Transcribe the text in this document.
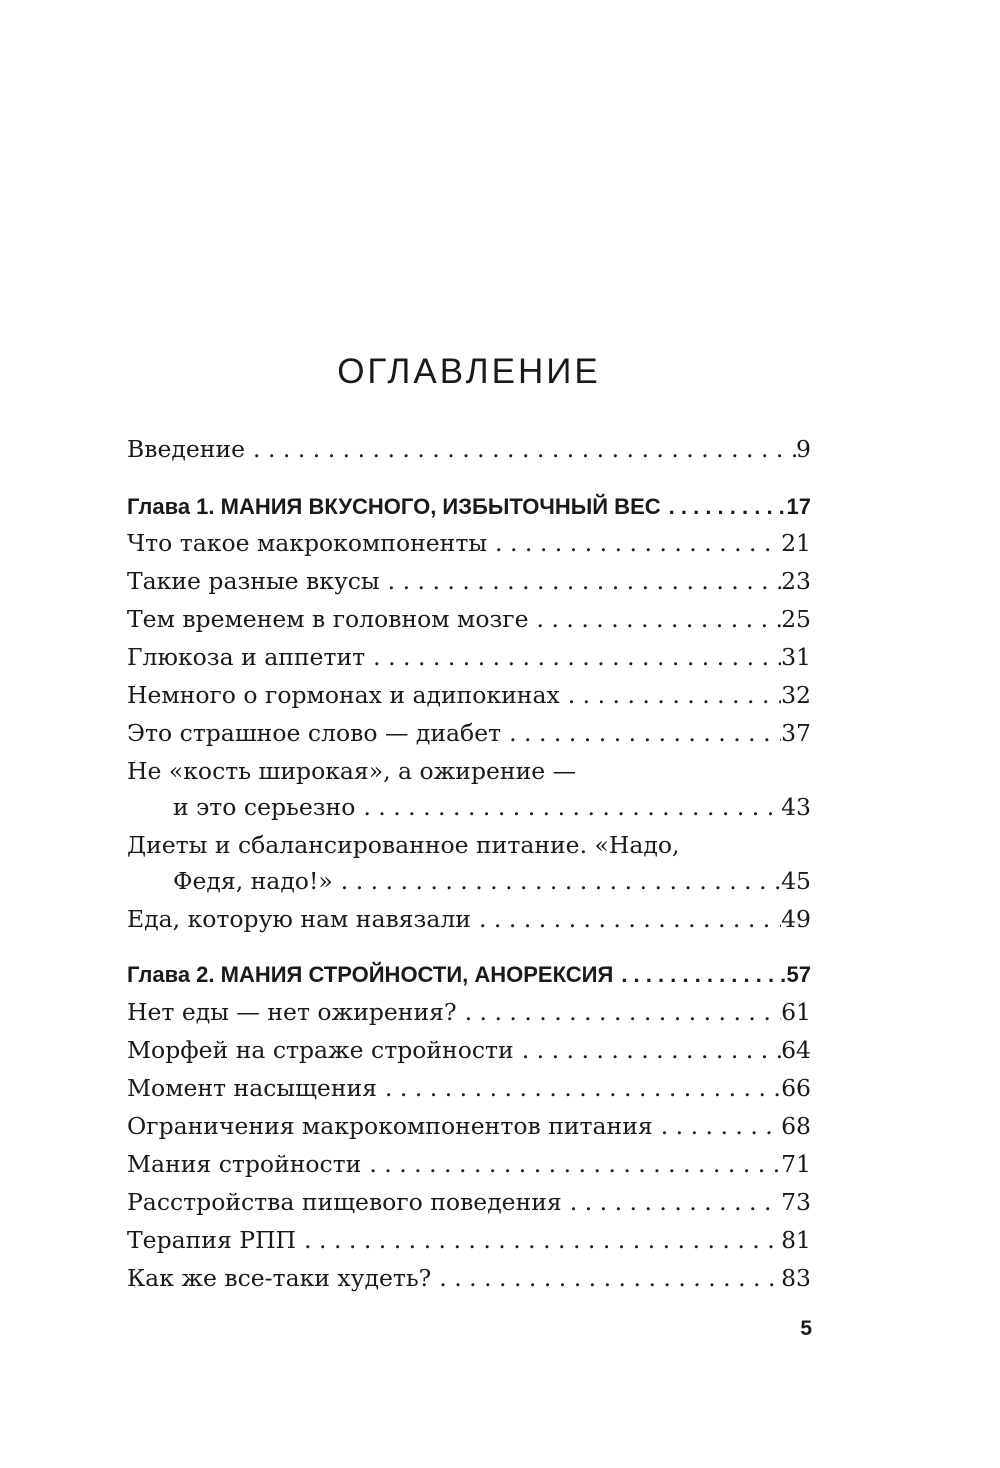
ОГЛАВЛЕНИЕ
Введение . . .	9
Глава 1. МАНИЯ ВКУСНОГО, ИЗБЫТОЧНЫЙ ВЕС . . .	17
Что такое макрокомпоненты . . .	21
Такие разные вкусы . . .	23
Тем временем в головном мозге . . .	25
Глюкоза и аппетит . . .	31
Немного о гормонах и адипокинах . . .	32
Это страшное слово — диабет . . .	37
Не «кость широкая», а ожирение —
и это серьезно . . .	43
Диеты и сбалансированное питание. «Надо,
Федя, надо!» . . .	45
Еда, которую нам навязали . . .	49
Глава 2. МАНИЯ СТРОЙНОСТИ, АНОРЕКСИЯ . . .	57
Нет еды — нет ожирения? . . .	61
Морфей на страже стройности . . .	64
Момент насыщения . . .	66
Ограничения макрокомпонентов питания . . .	68
Мания стройности . . .	71
Расстройства пищевого поведения . . .	73
Терапия РПП . . .	81
Как же все-таки худеть? . . .	83
5
